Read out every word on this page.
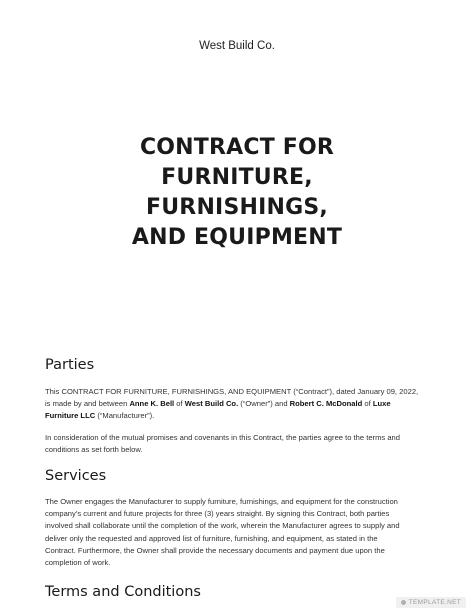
West Build Co.
CONTRACT FOR
FURNITURE,
FURNISHINGS,
AND EQUIPMENT
Parties
This CONTRACT FOR FURNITURE, FURNISHINGS, AND EQUIPMENT (“Contract”), dated January 09, 2022,
is made by and between Anne K. Bell of West Build Co. (“Owner”) and Robert C. McDonald of Luxe
Furniture LLC (“Manufacturer”).
In consideration of the mutual promises and covenants in this Contract, the parties agree to the terms and
conditions as set forth below.
Services
The Owner engages the Manufacturer to supply furniture, furnishings, and equipment for the construction
company’s current and future projects for three (3) years straight. By signing this Contract, both parties
involved shall collaborate until the completion of the work, wherein the Manufacturer agrees to supply and
deliver only the requested and approved list of furniture, furnishing, and equipment, as stated in the
Contract. Furthermore, the Owner shall provide the necessary documents and payment due upon the
completion of work.
Terms and Conditions
TEMPLATE.NET
